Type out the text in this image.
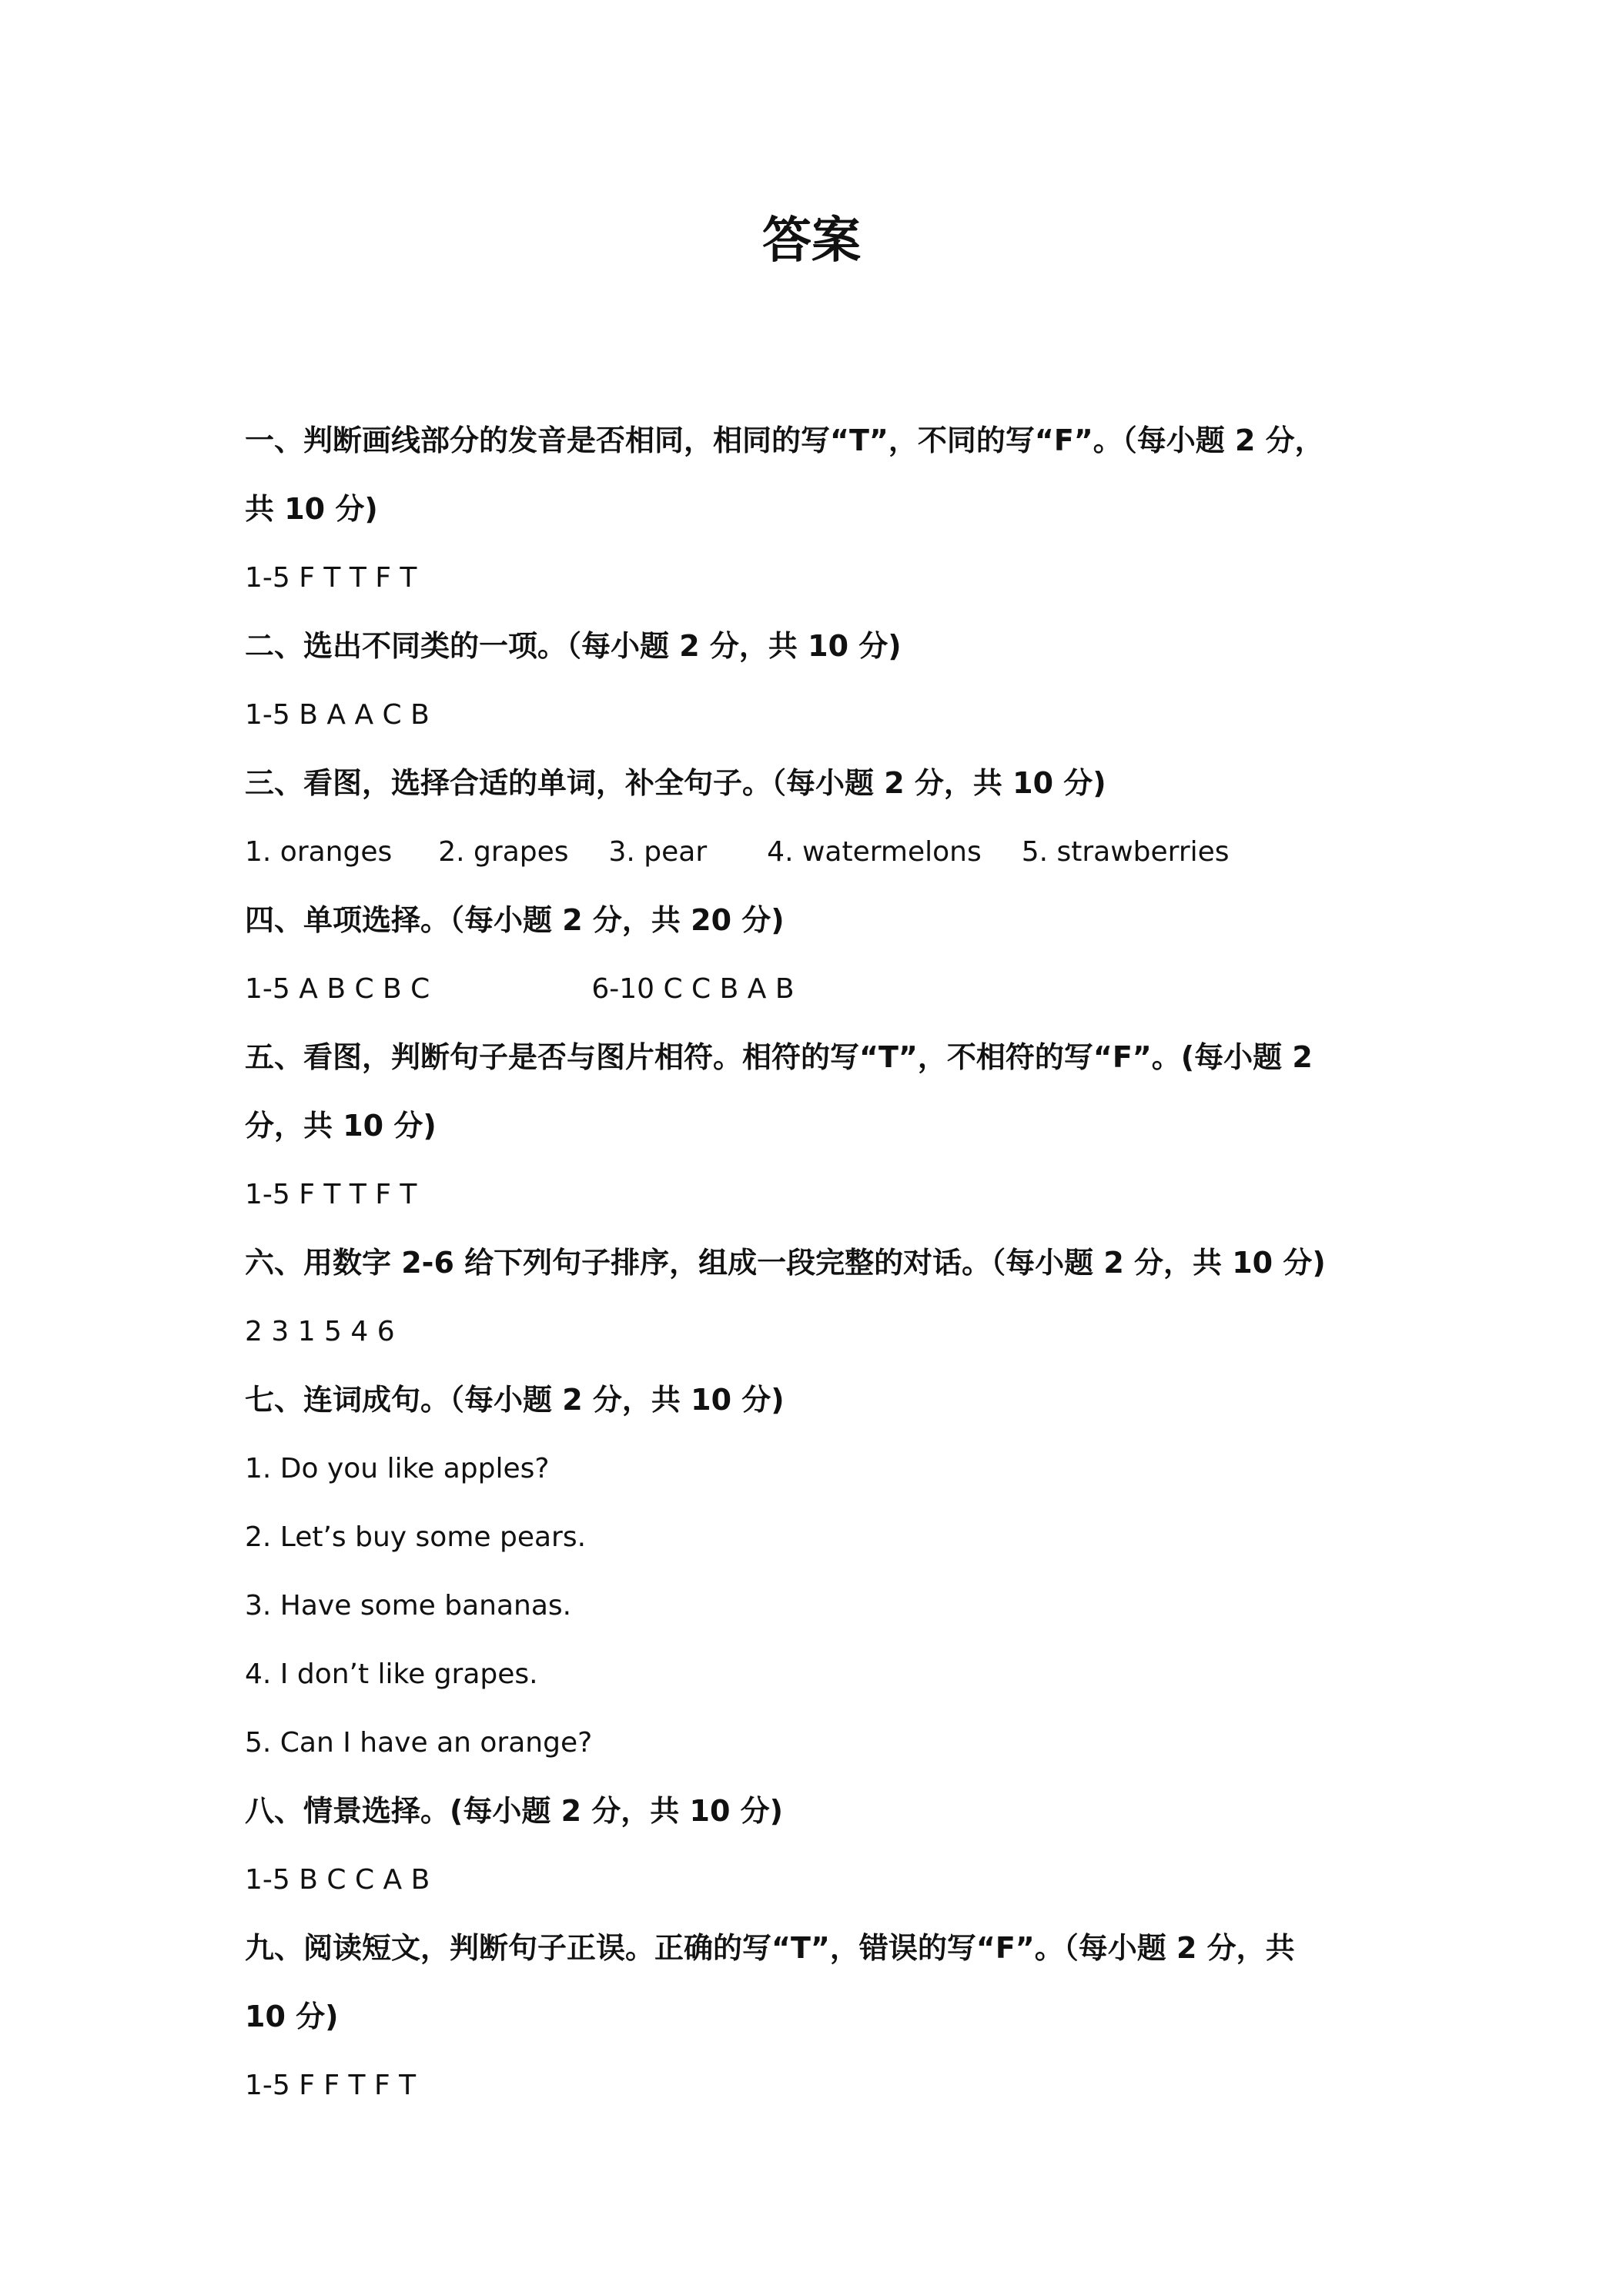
答案

一、判断画线部分的发音是否相同，相同的写“T”，不同的写“F”。（每小题 2 分，

共 10 分)

1-5 F T T F T

二、选出不同类的一项。（每小题 2 分，共 10 分)

1-5 B A A C B

三、看图，选择合适的单词，补全句子。（每小题 2 分，共 10 分)

1. oranges 2. grapes 3. pear 4. watermelons 5. strawberries

四、单项选择。（每小题 2 分，共 20 分)

1-5 A B C B C	6-10 C C B A B

五、看图，判断句子是否与图片相符。相符的写“T”，不相符的写“F”。(每小题 2

分，共 10 分)

1-5 F T T F T

六、用数字 2-6 给下列句子排序，组成一段完整的对话。（每小题 2 分，共 10 分)

2 3 1 5 4 6

七、连词成句。（每小题 2 分，共 10 分)

1. Do you like apples?

2. Let’s buy some pears.

3. Have some bananas.

4. I don’t like grapes.

5. Can I have an orange?

八、情景选择。(每小题 2 分，共 10 分)

1-5 B C C A B

九、阅读短文，判断句子正误。正确的写“T”，错误的写“F”。（每小题 2 分，共

10 分)

1-5 F F T F T
